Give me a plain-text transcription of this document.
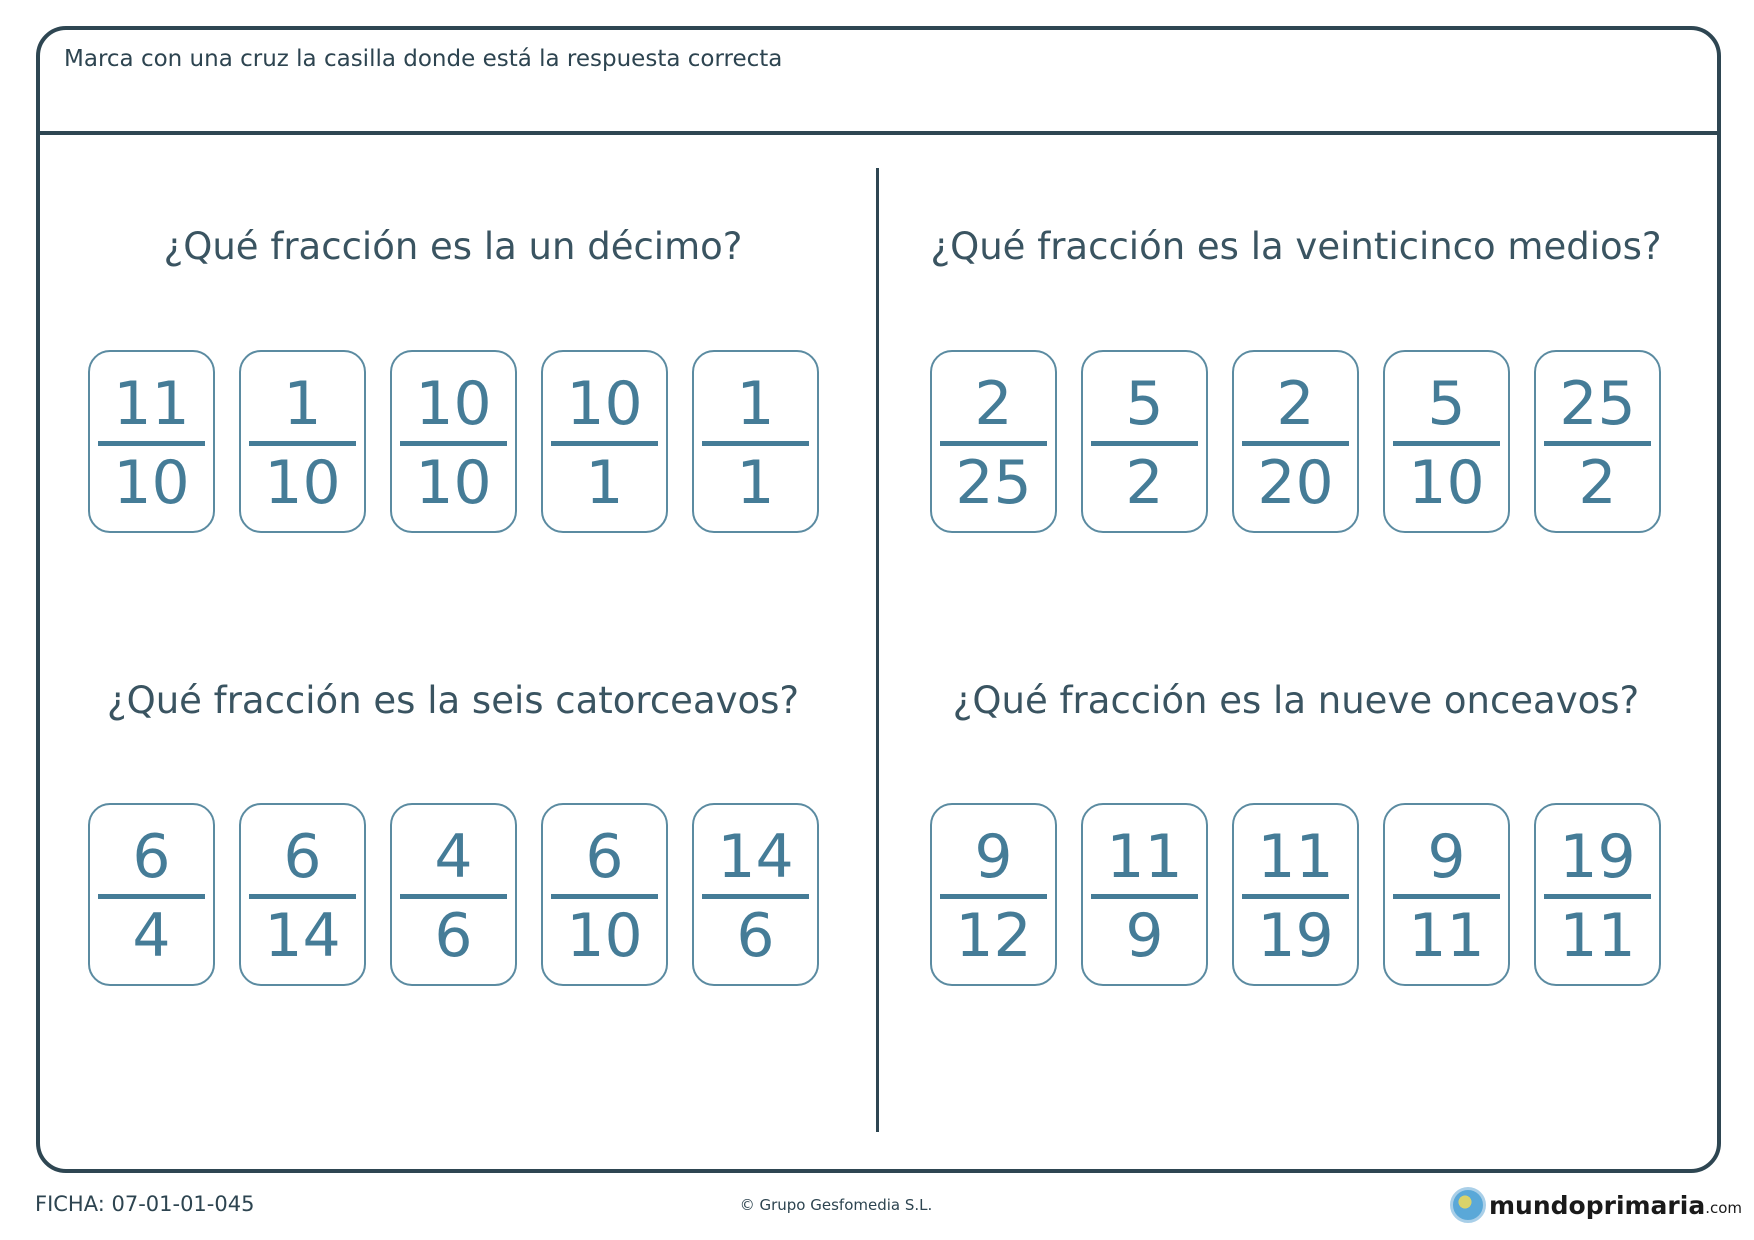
Marca con una cruz la casilla donde está la respuesta correcta
¿Qué fracción es la un décimo?
11
10
1
10
10
10
10
1
1
1
¿Qué fracción es la veinticinco medios?
2
25
5
2
2
20
5
10
25
2
¿Qué fracción es la seis catorceavos?
6
4
6
14
4
6
6
10
14
6
¿Qué fracción es la nueve onceavos?
9
12
11
9
11
19
9
11
19
11
FICHA: 07-01-01-045	© Grupo Gesfomedia S.L.	mundoprimaria .com
